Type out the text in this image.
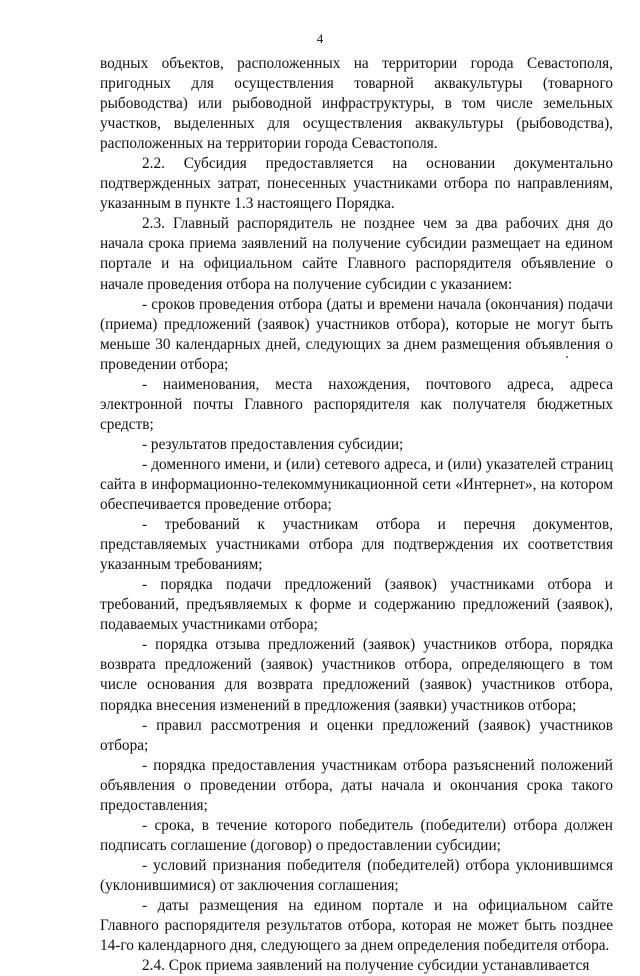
4

водных объектов, расположенных на территории города Севастополя, пригодных для осуществления товарной аквакультуры (товарного рыбоводства) или рыбоводной инфраструктуры, в том числе земельных участков, выделенных для осуществления аквакультуры (рыбоводства), расположенных на территории города Севастополя.

2.2. Субсидия предоставляется на основании документально подтвержденных затрат, понесенных участниками отбора по направлениям, указанным в пункте 1.3 настоящего Порядка.

2.3. Главный распорядитель не позднее чем за два рабочих дня до начала срока приема заявлений на получение субсидии размещает на едином портале и на официальном сайте Главного распорядителя объявление о начале проведения отбора на получение субсидии с указанием:

- сроков проведения отбора (даты и времени начала (окончания) подачи (приема) предложений (заявок) участников отбора), которые не могут быть меньше 30 календарных дней, следующих за днем размещения объявления о проведении отбора;

- наименования, места нахождения, почтового адреса, адреса электронной почты Главного распорядителя как получателя бюджетных средств;

- результатов предоставления субсидии;

- доменного имени, и (или) сетевого адреса, и (или) указателей страниц сайта в информационно-телекоммуникационной сети «Интернет», на котором обеспечивается проведение отбора;

- требований к участникам отбора и перечня документов, представляемых участниками отбора для подтверждения их соответствия указанным требованиям;

- порядка подачи предложений (заявок) участниками отбора и требований, предъявляемых к форме и содержанию предложений (заявок), подаваемых участниками отбора;

- порядка отзыва предложений (заявок) участников отбора, порядка возврата предложений (заявок) участников отбора, определяющего в том числе основания для возврата предложений (заявок) участников отбора, порядка внесения изменений в предложения (заявки) участников отбора;

- правил рассмотрения и оценки предложений (заявок) участников отбора;

- порядка предоставления участникам отбора разъяснений положений объявления о проведении отбора, даты начала и окончания срока такого предоставления;

- срока, в течение которого победитель (победители) отбора должен подписать соглашение (договор) о предоставлении субсидии;

- условий признания победителя (победителей) отбора уклонившимся (уклонившимися) от заключения соглашения;

- даты размещения на едином портале и на официальном сайте Главного распорядителя результатов отбора, которая не может быть позднее 14-го календарного дня, следующего за днем определения победителя отбора.

2.4. Срок приема заявлений на получение субсидии устанавливается
